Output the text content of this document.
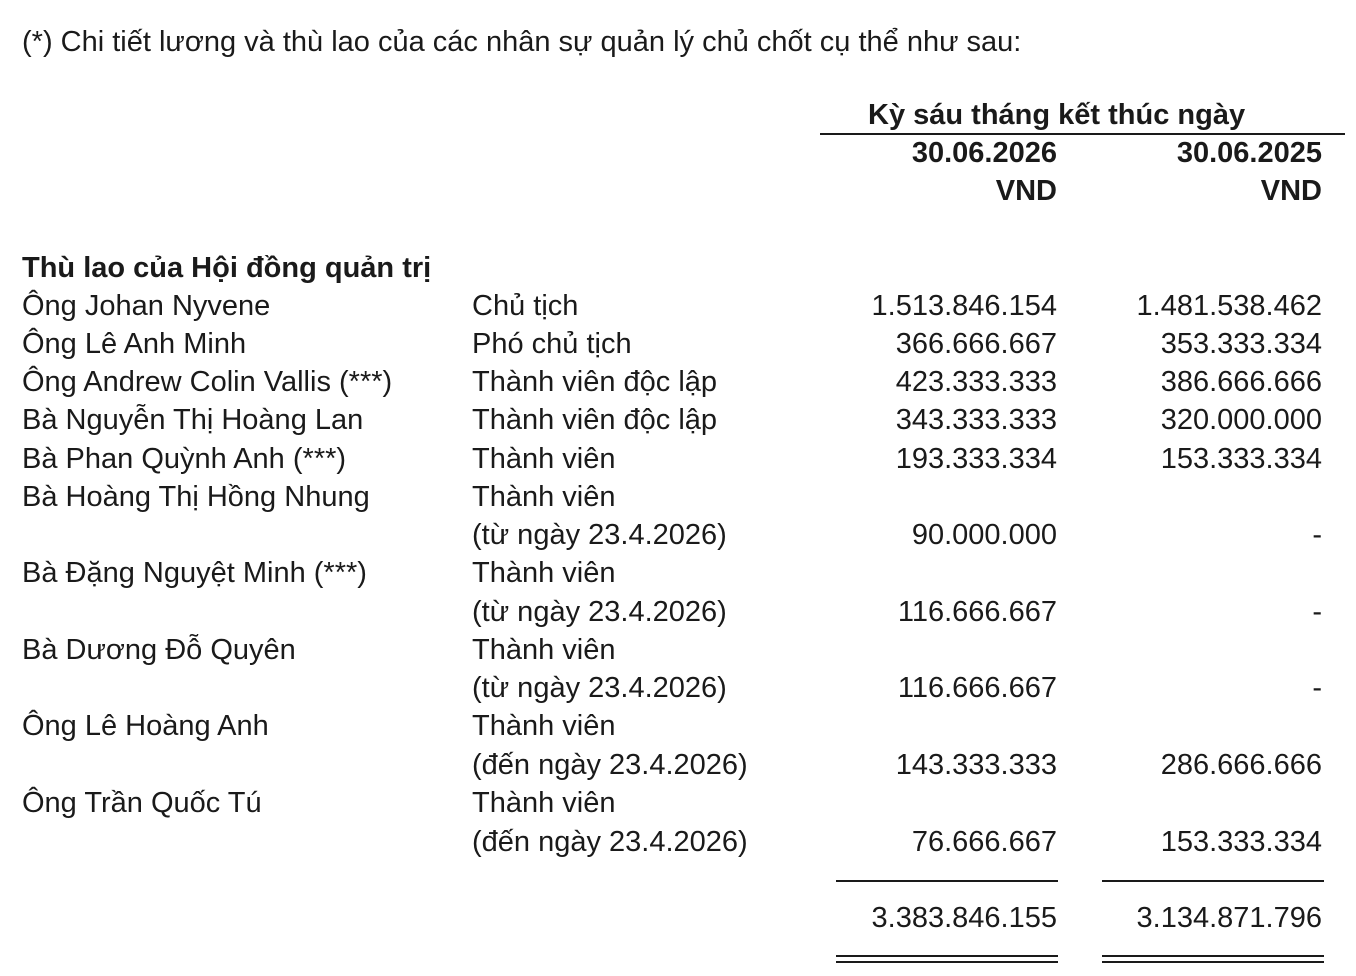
(*) Chi tiết lương và thù lao của các nhân sự quản lý chủ chốt cụ thể như sau:
Kỳ sáu tháng kết thúc ngày
30.06.2026	30.06.2025
VND	VND
Thù lao của Hội đồng quản trị
Ông Johan Nyvene	Chủ tịch	1.513.846.154	1.481.538.462
Ông Lê Anh Minh	Phó chủ tịch	366.666.667	353.333.334
Ông Andrew Colin Vallis (***)	Thành viên độc lập	423.333.333	386.666.666
Bà Nguyễn Thị Hoàng Lan	Thành viên độc lập	343.333.333	320.000.000
Bà Phan Quỳnh Anh (***)	Thành viên	193.333.334	153.333.334
Bà Hoàng Thị Hồng Nhung	Thành viên
(từ ngày 23.4.2026)	90.000.000	-
Bà Đặng Nguyệt Minh (***)	Thành viên
(từ ngày 23.4.2026)	116.666.667	-
Bà Dương Đỗ Quyên	Thành viên
(từ ngày 23.4.2026)	116.666.667	-
Ông Lê Hoàng Anh	Thành viên
(đến ngày 23.4.2026)	143.333.333	286.666.666
Ông Trần Quốc Tú	Thành viên
(đến ngày 23.4.2026)	76.666.667	153.333.334
3.383.846.155	3.134.871.796
